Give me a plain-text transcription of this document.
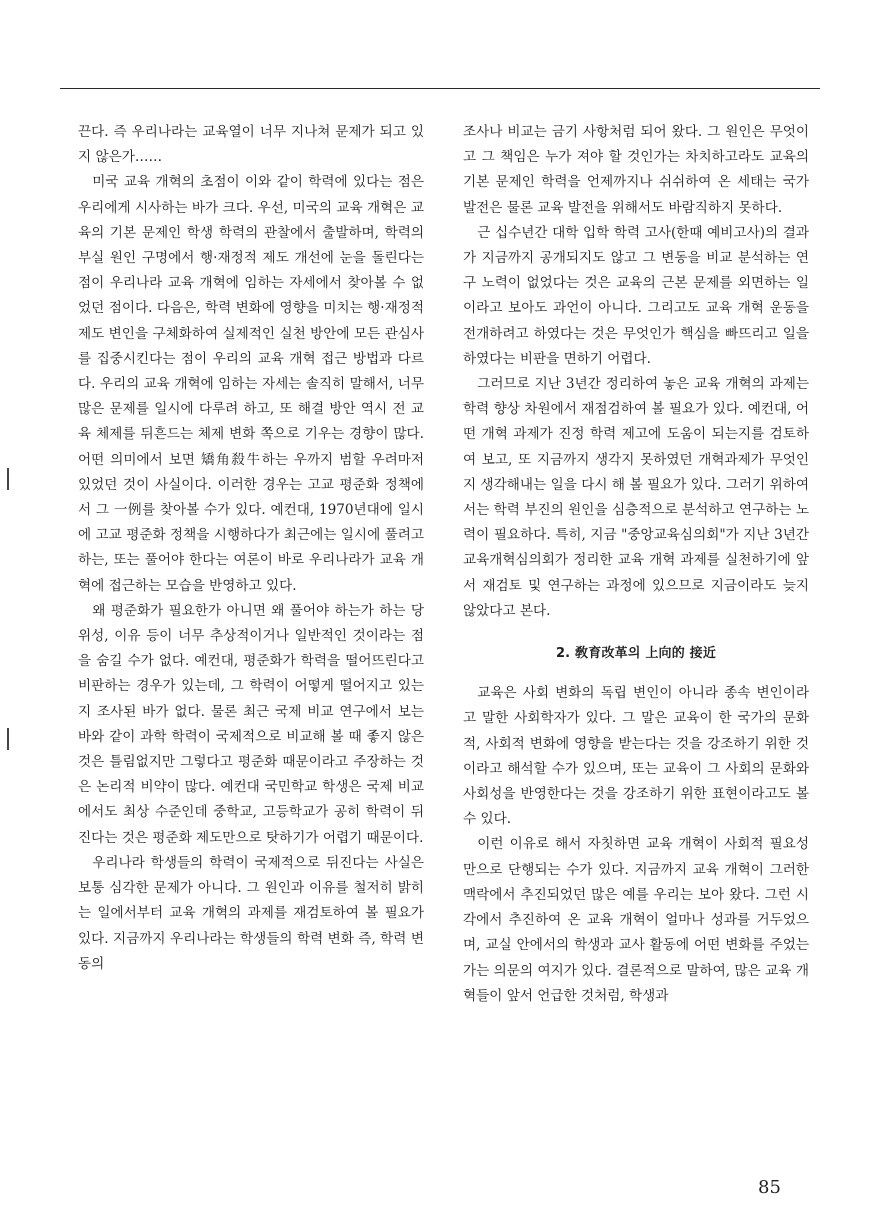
끈다. 즉 우리나라는 교육열이 너무 지나쳐 문제가 되고 있지 않은가……

미국 교육 개혁의 초점이 이와 같이 학력에 있다는 점은 우리에게 시사하는 바가 크다. 우선, 미국의 교육 개혁은 교육의 기본 문제인 학생 학력의 관찰에서 출발하며, 학력의 부실 원인 구명에서 행·재정적 제도 개선에 눈을 돌린다는 점이 우리나라 교육 개혁에 임하는 자세에서 찾아볼 수 없었던 점이다. 다음은, 학력 변화에 영향을 미치는 행·재정적 제도 변인을 구체화하여 실제적인 실천 방안에 모든 관심사를 집중시킨다는 점이 우리의 교육 개혁 접근 방법과 다르다. 우리의 교육 개혁에 임하는 자세는 솔직히 말해서, 너무 많은 문제를 일시에 다루려 하고, 또 해결 방안 역시 전 교육 체제를 뒤흔드는 체제 변화 쪽으로 기우는 경향이 많다. 어떤 의미에서 보면 矯角殺牛하는 우까지 범할 우려마저 있었던 것이 사실이다. 이러한 경우는 고교 평준화 정책에서 그 一例를 찾아볼 수가 있다. 예컨대, 1970년대에 일시에 고교 평준화 정책을 시행하다가 최근에는 일시에 풀려고 하는, 또는 풀어야 한다는 여론이 바로 우리나라가 교육 개혁에 접근하는 모습을 반영하고 있다.

왜 평준화가 필요한가 아니면 왜 풀어야 하는가 하는 당위성, 이유 등이 너무 추상적이거나 일반적인 것이라는 점을 숨길 수가 없다. 예컨대, 평준화가 학력을 떨어뜨린다고 비판하는 경우가 있는데, 그 학력이 어떻게 떨어지고 있는지 조사된 바가 없다. 물론 최근 국제 비교 연구에서 보는 바와 같이 과학 학력이 국제적으로 비교해 볼 때 좋지 않은 것은 틀림없지만 그렇다고 평준화 때문이라고 주장하는 것은 논리적 비약이 많다. 예컨대 국민학교 학생은 국제 비교에서도 최상 수준인데 중학교, 고등학교가 공히 학력이 뒤진다는 것은 평준화 제도만으로 탓하기가 어렵기 때문이다.

우리나라 학생들의 학력이 국제적으로 뒤진다는 사실은 보통 심각한 문제가 아니다. 그 원인과 이유를 철저히 밝히는 일에서부터 교육 개혁의 과제를 재검토하여 볼 필요가 있다. 지금까지 우리나라는 학생들의 학력 변화 즉, 학력 변동의

조사나 비교는 금기 사항처럼 되어 왔다. 그 원인은 무엇이고 그 책임은 누가 져야 할 것인가는 차치하고라도 교육의 기본 문제인 학력을 언제까지나 쉬쉬하여 온 세태는 국가 발전은 물론 교육 발전을 위해서도 바람직하지 못하다.

근 십수년간 대학 입학 학력 고사(한때 예비고사)의 결과가 지금까지 공개되지도 않고 그 변동을 비교 분석하는 연구 노력이 없었다는 것은 교육의 근본 문제를 외면하는 일이라고 보아도 과언이 아니다. 그리고도 교육 개혁 운동을 전개하려고 하였다는 것은 무엇인가 핵심을 빠뜨리고 일을 하였다는 비판을 면하기 어렵다.

그러므로 지난 3년간 정리하여 놓은 교육 개혁의 과제는 학력 향상 차원에서 재점검하여 볼 필요가 있다. 예컨대, 어떤 개혁 과제가 진정 학력 제고에 도움이 되는지를 검토하여 보고, 또 지금까지 생각지 못하였던 개혁과제가 무엇인지 생각해내는 일을 다시 해 볼 필요가 있다. 그러기 위하여서는 학력 부진의 원인을 심층적으로 분석하고 연구하는 노력이 필요하다. 특히, 지금 "중앙교육심의회"가 지난 3년간 교육개혁심의회가 정리한 교육 개혁 과제를 실천하기에 앞서 재검토 및 연구하는 과정에 있으므로 지금이라도 늦지 않았다고 본다.

2. 敎育改革의 上向的 接近

교육은 사회 변화의 독립 변인이 아니라 종속 변인이라고 말한 사회학자가 있다. 그 말은 교육이 한 국가의 문화적, 사회적 변화에 영향을 받는다는 것을 강조하기 위한 것이라고 해석할 수가 있으며, 또는 교육이 그 사회의 문화와 사회성을 반영한다는 것을 강조하기 위한 표현이라고도 볼 수 있다.

이런 이유로 해서 자칫하면 교육 개혁이 사회적 필요성만으로 단행되는 수가 있다. 지금까지 교육 개혁이 그러한 맥락에서 추진되었던 많은 예를 우리는 보아 왔다. 그런 시각에서 추진하여 온 교육 개혁이 얼마나 성과를 거두었으며, 교실 안에서의 학생과 교사 활동에 어떤 변화를 주었는가는 의문의 여지가 있다. 결론적으로 말하여, 많은 교육 개혁들이 앞서 언급한 것처럼, 학생과

85
